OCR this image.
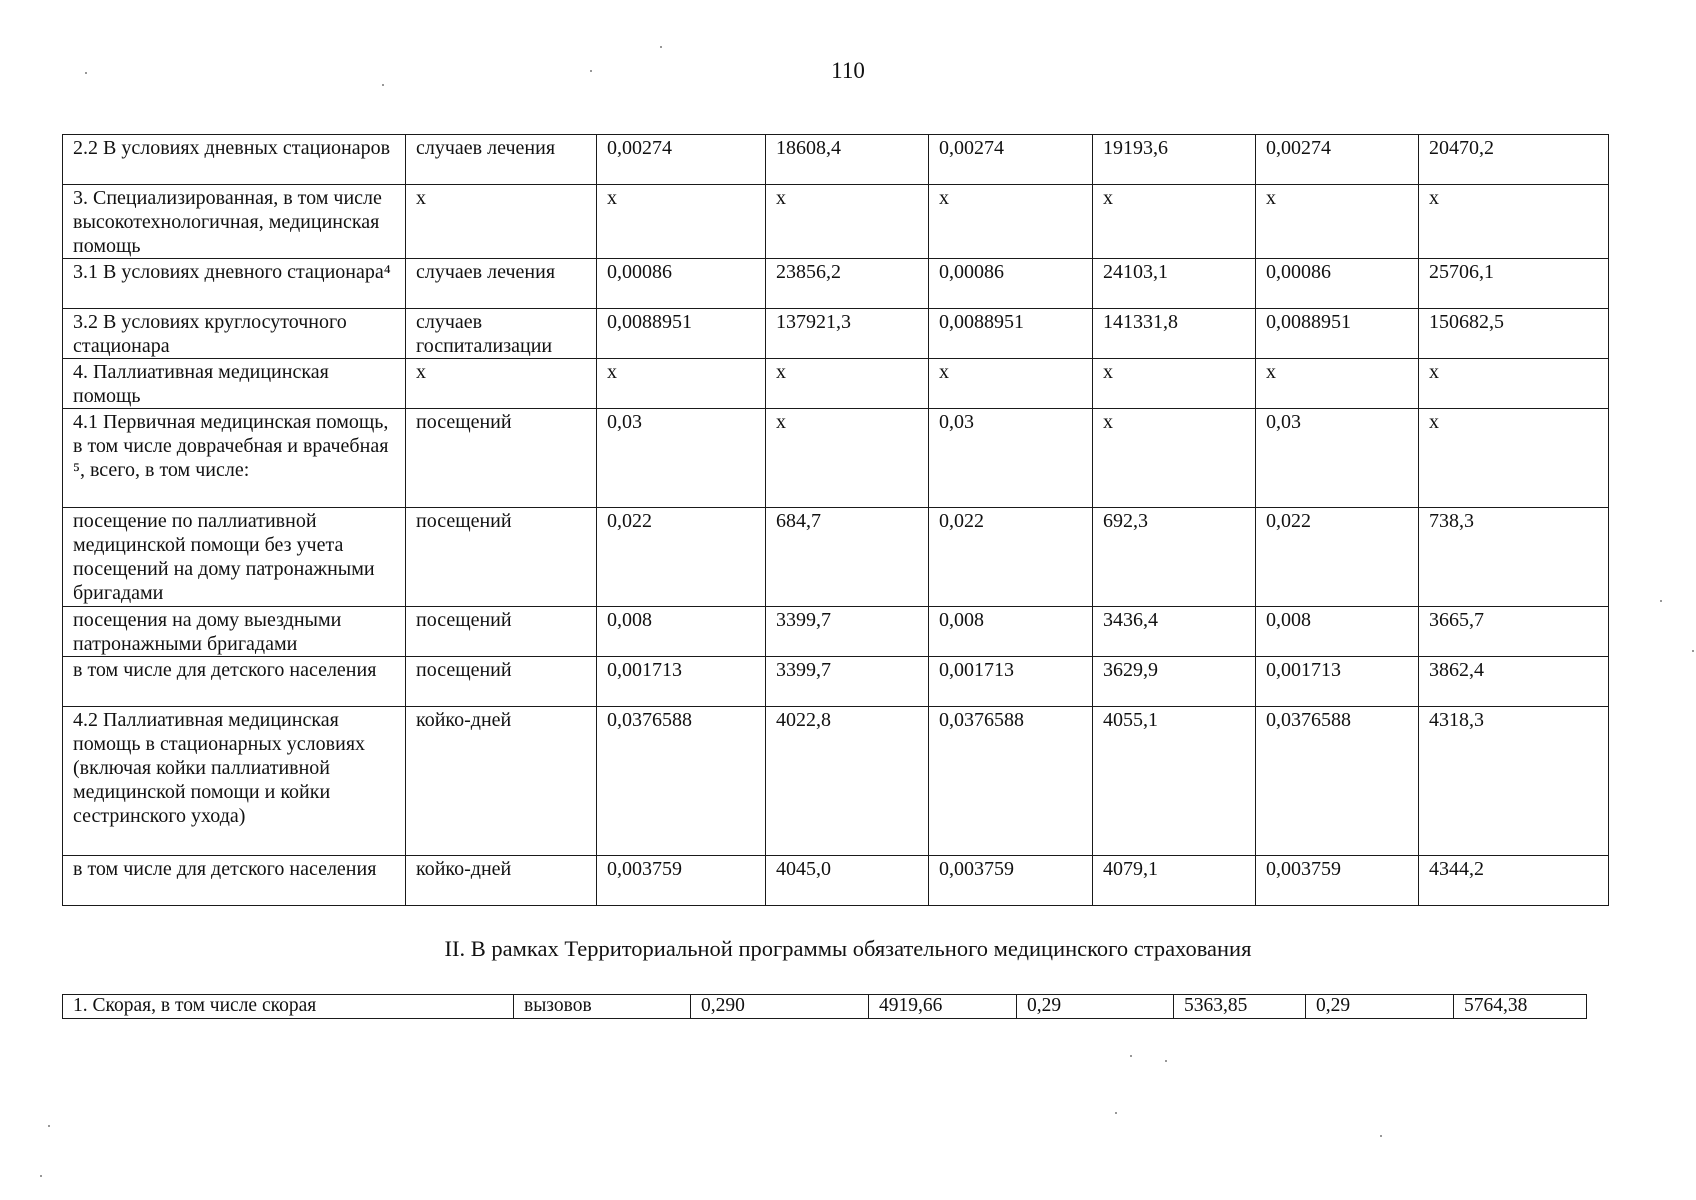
110
2.2 В условиях дневных стационаров	случаев лечения	0,00274	18608,4	0,00274	19193,6	0,00274	20470,2
3. Специализированная, в том числе высокотехнологичная, медицинская помощь	х	х	х	х	х	х	х
3.1 В условиях дневного стационара⁴	случаев лечения	0,00086	23856,2	0,00086	24103,1	0,00086	25706,1
3.2 В условиях круглосуточного стационара	случаев госпитализации	0,0088951	137921,3	0,0088951	141331,8	0,0088951	150682,5
4. Паллиативная медицинская помощь	х	х	х	х	х	х	х
4.1 Первичная медицинская помощь, в том числе доврачебная и врачебная ⁵, всего, в том числе:	посещений	0,03	х	0,03	х	0,03	х
посещение по паллиативной медицинской помощи без учета посещений на дому патронажными бригадами	посещений	0,022	684,7	0,022	692,3	0,022	738,3
посещения на дому выездными патронажными бригадами	посещений	0,008	3399,7	0,008	3436,4	0,008	3665,7
в том числе для детского населения	посещений	0,001713	3399,7	0,001713	3629,9	0,001713	3862,4
4.2 Паллиативная медицинская помощь в стационарных условиях (включая койки паллиативной медицинской помощи и койки сестринского ухода)	койко-дней	0,0376588	4022,8	0,0376588	4055,1	0,0376588	4318,3
в том числе для детского населения	койко-дней	0,003759	4045,0	0,003759	4079,1	0,003759	4344,2
II. В рамках Территориальной программы обязательного медицинского страхования
1. Скорая, в том числе скорая	вызовов	0,290	4919,66	0,29	5363,85	0,29	5764,38
